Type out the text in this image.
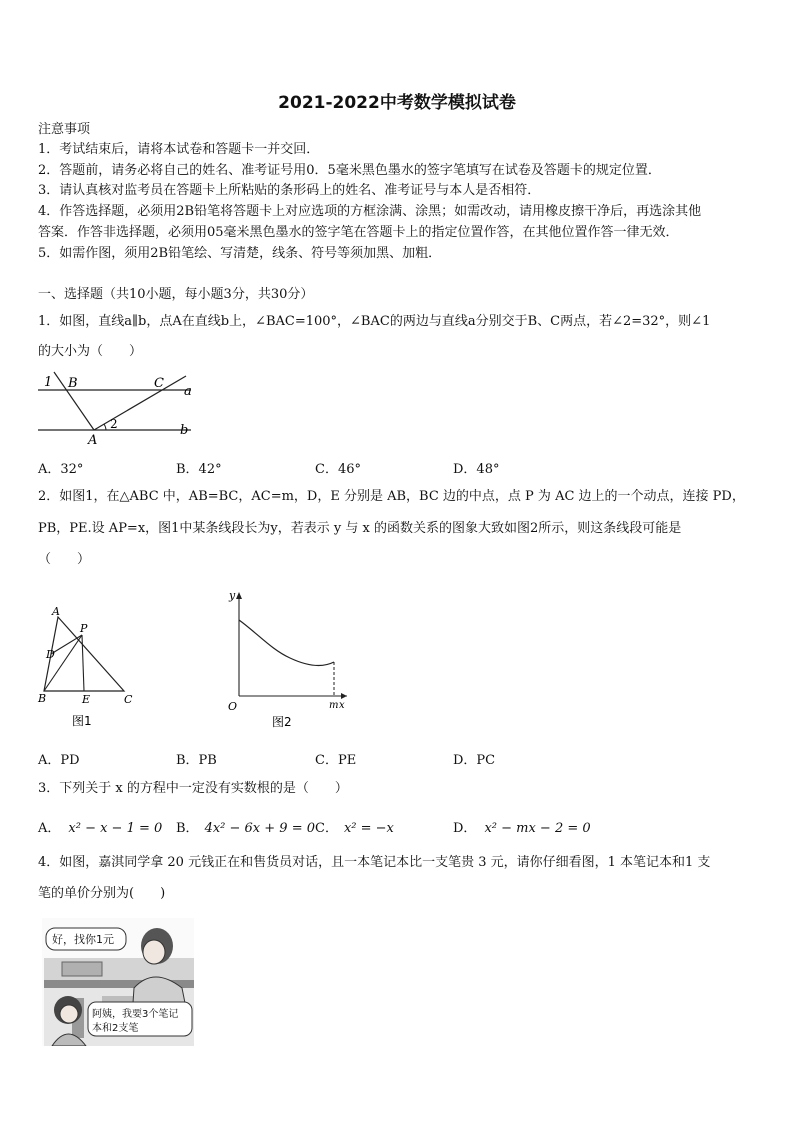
2021-2022中考数学模拟试卷
注意事项
1．考试结束后，请将本试卷和答题卡一并交回．
2．答题前，请务必将自己的姓名、准考证号用0．5毫米黑色墨水的签字笔填写在试卷及答题卡的规定位置．
3．请认真核对监考员在答题卡上所粘贴的条形码上的姓名、准考证号与本人是否相符．
4．作答选择题，必须用2B铅笔将答题卡上对应选项的方框涂满、涂黑；如需改动，请用橡皮擦干净后，再选涂其他
答案．作答非选择题，必须用05毫米黑色墨水的签字笔在答题卡上的指定位置作答，在其他位置作答一律无效．
5．如需作图，须用2B铅笔绘、写清楚，线条、符号等须加黑、加粗．
一、选择题（共10小题，每小题3分，共30分）
1．如图，直线a∥b，点A在直线b上，∠BAC=100°，∠BAC的两边与直线a分别交于B、C两点，若∠2=32°，则∠1
的大小为（　　）
1 B	C
a
2
A
b
A．32°	B．42°	C．46°	D．48°
2．如图1，在△ABC 中，AB=BC，AC=m，D，E 分别是 AB，BC 边的中点，点 P 为 AC 边上的一个动点，连接 PD，
PB，PE.设 AP=x，图1中某条线段长为y，若表示 y 与 x 的函数关系的图象大致如图2所示，则这条线段可能是
（　　）
A
P
D
B	E	C
图1
y
O	m x
图2
A．PD	B．PB	C．PE	D．PC
3．下列关于 x 的方程中一定没有实数根的是（　　）
A． x² − x − 1 = 0 B． 4x² − 6x + 9 = 0 C． x² = −x	D． x² − mx − 2 = 0
4．如图，嘉淇同学拿 20 元钱正在和售货员对话，且一本笔记本比一支笔贵 3 元，请你仔细看图，1 本笔记本和1 支
笔的单价分别为(　　)
好，找你1元
阿姨，我要3个笔记
本和2支笔
